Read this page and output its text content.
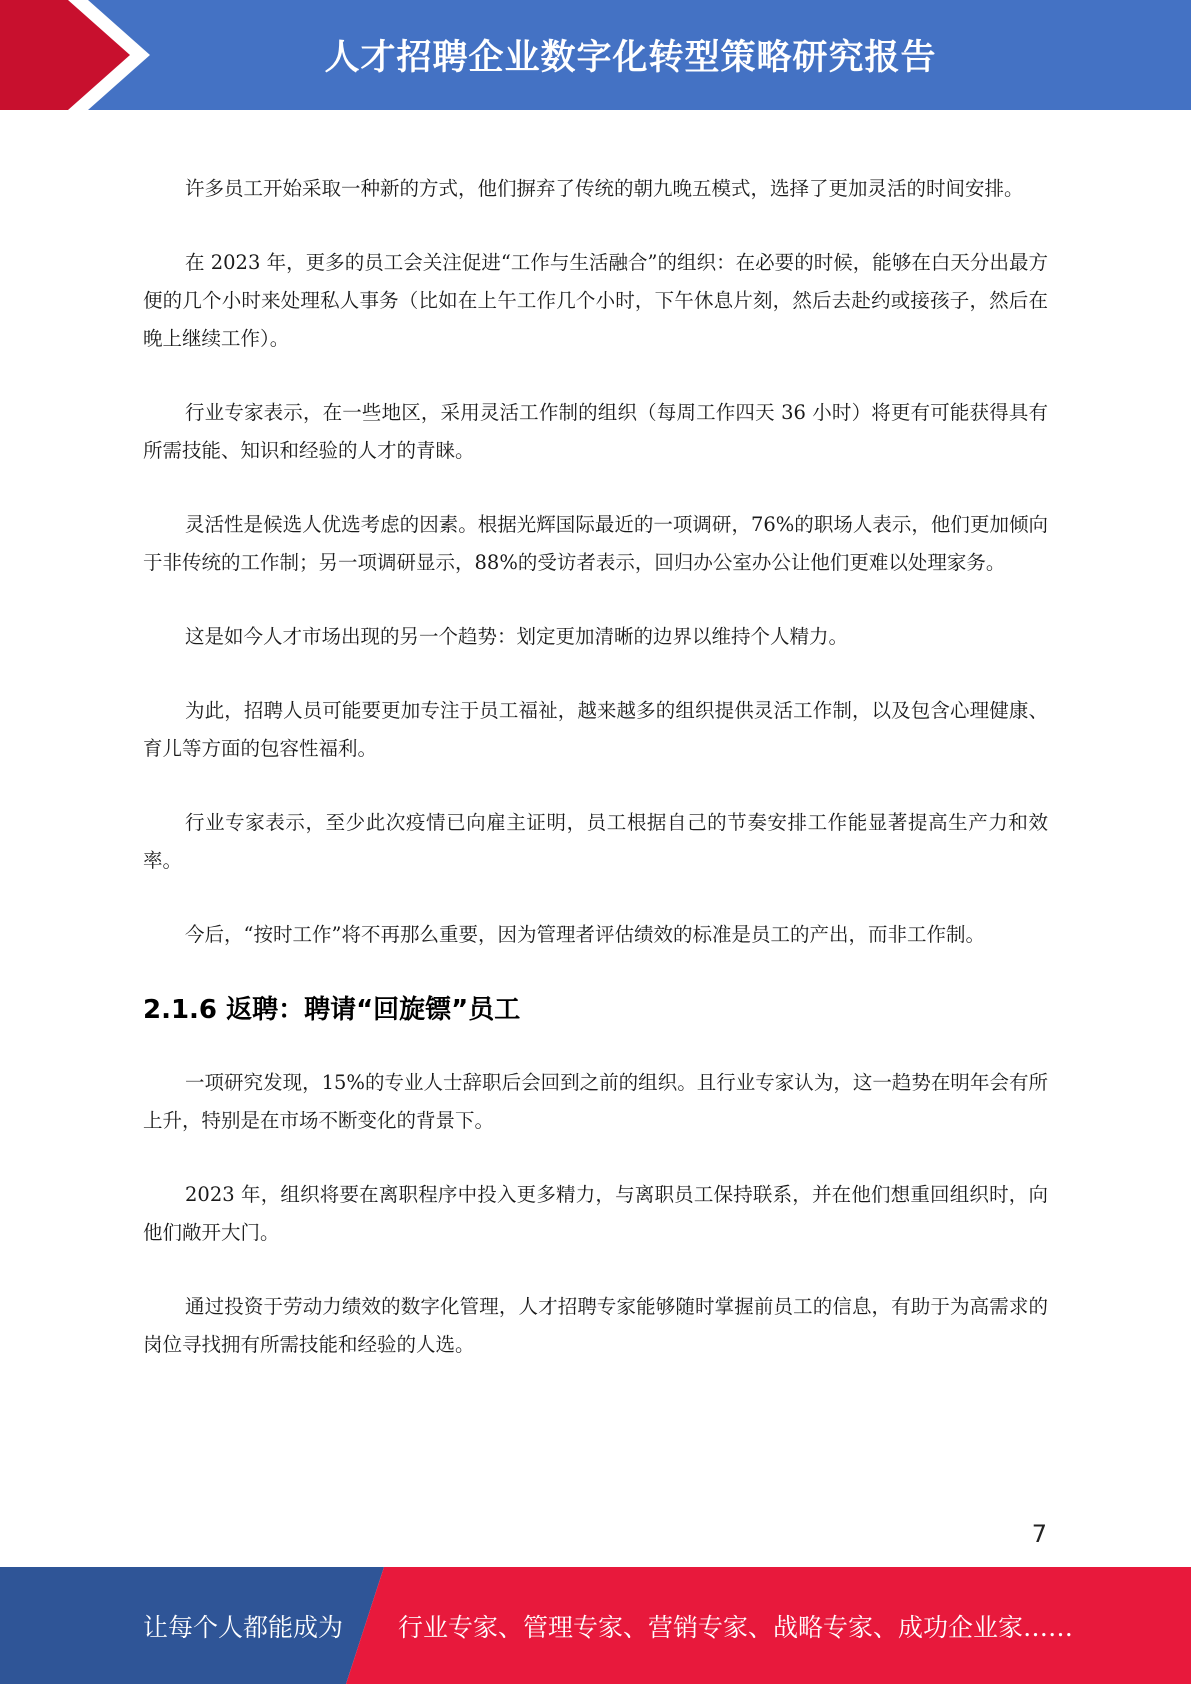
人才招聘企业数字化转型策略研究报告

许多员工开始采取一种新的方式，他们摒弃了传统的朝九晚五模式，选择了更加灵活的时间安排。

在 2023 年，更多的员工会关注促进“工作与生活融合”的组织：在必要的时候，能够在白天分出最方便的几个小时来处理私人事务（比如在上午工作几个小时，下午休息片刻，然后去赴约或接孩子，然后在晚上继续工作）。

行业专家表示，在一些地区，采用灵活工作制的组织（每周工作四天 36 小时）将更有可能获得具有所需技能、知识和经验的人才的青睐。

灵活性是候选人优选考虑的因素。根据光辉国际最近的一项调研，76%的职场人表示，他们更加倾向于非传统的工作制；另一项调研显示，88%的受访者表示，回归办公室办公让他们更难以处理家务。

这是如今人才市场出现的另一个趋势：划定更加清晰的边界以维持个人精力。

为此，招聘人员可能要更加专注于员工福祉，越来越多的组织提供灵活工作制，以及包含心理健康、育儿等方面的包容性福利。

行业专家表示，至少此次疫情已向雇主证明，员工根据自己的节奏安排工作能显著提高生产力和效率。

今后，“按时工作”将不再那么重要，因为管理者评估绩效的标准是员工的产出，而非工作制。

2.1.6 返聘：聘请“回旋镖”员工

一项研究发现，15%的专业人士辞职后会回到之前的组织。且行业专家认为，这一趋势在明年会有所上升，特别是在市场不断变化的背景下。

2023 年，组织将要在离职程序中投入更多精力，与离职员工保持联系，并在他们想重回组织时，向他们敞开大门。

通过投资于劳动力绩效的数字化管理，人才招聘专家能够随时掌握前员工的信息，有助于为高需求的岗位寻找拥有所需技能和经验的人选。

7
让每个人都能成为 行业专家、管理专家、营销专家、战略专家、成功企业家……
